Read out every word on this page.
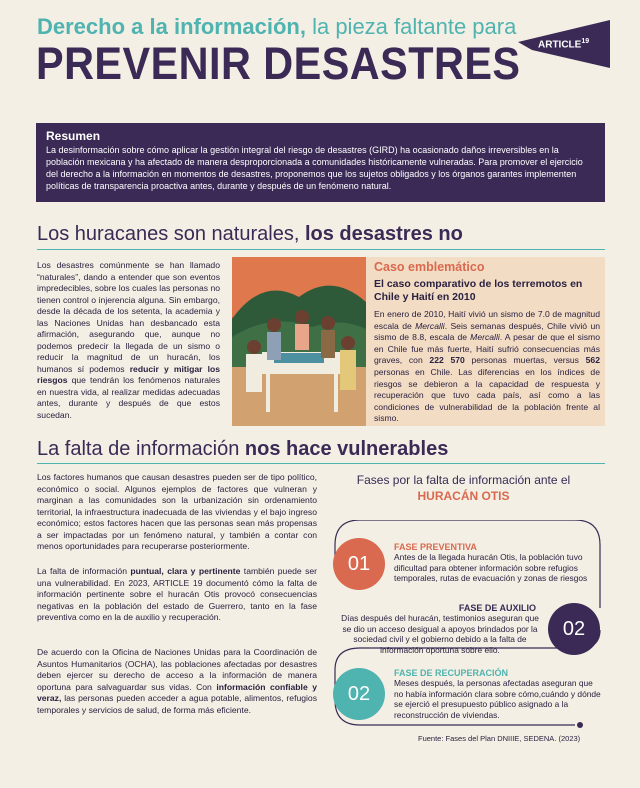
Derecho a la información, la pieza faltante para
PREVENIR DESASTRES ARTICLE$^{19}$
Resumen

La desinformación sobre cómo aplicar la gestión integral del riesgo de desastres (GIRD) ha ocasionado daños irreversibles en la población mexicana y ha afectado de manera desproporcionada a comunidades históricamente vulneradas. Para promover el ejercicio del derecho a la información en momentos de desastres, proponemos que los sujetos obligados y los órganos garantes implementen políticas de transparencia proactiva antes, durante y después de un fenómeno natural.

Los huracanes son naturales, los desastres no
Los desastres comúnmente se han llamado “naturales”, dando a entender que son eventos impredecibles, sobre los cuales las personas no tienen control o injerencia alguna. Sin embargo, desde la década de los setenta, la academia y las Naciones Unidas han desbancado esta afirmación, asegurando que, aunque no podemos predecir la llegada de un sismo o reducir la magnitud de un huracán, los humanos sí podemos reducir y mitigar los riesgos que tendrán los fenómenos naturales en nuestra vida, al realizar medidas adecuadas antes, durante y después de que estos sucedan.
Caso emblemático
El caso comparativo de los terremotos en Chile y Haití en 2010
En enero de 2010, Haití vivió un sismo de 7.0 de magnitud escala de Mercalli. Seis semanas después, Chile vivió un sismo de 8.8, escala de Mercalli. A pesar de que el sismo en Chile fue más fuerte, Haití sufrió consecuencias más graves, con 222 570 personas muertas, versus 562 personas en Chile. Las diferencias en los índices de riesgos se debieron a la capacidad de respuesta y recuperación que tuvo cada país, así como a las condiciones de vulnerabilidad de la población frente al sismo.
La falta de información nos hace vulnerables
Los factores humanos que causan desastres pueden ser de tipo político, económico o social. Algunos ejemplos de factores que vulneran y marginan a las comunidades son la urbanización sin ordenamiento territorial, la infraestructura inadecuada de las viviendas y el bajo ingreso económico; estos factores hacen que las personas sean más propensas a ser impactadas por un fenómeno natural, y también a contar con menos oportunidades para recuperarse posteriormente.
La falta de información puntual, clara y pertinente también puede ser una vulnerabilidad. En 2023, ARTICLE 19 documentó cómo la falta de información pertinente sobre el huracán Otis provocó consecuencias negativas en la población del estado de Guerrero, tanto en la fase preventiva como en la de auxilio y recuperación.
De acuerdo con la Oficina de Naciones Unidas para la Coordinación de Asuntos Humanitarios (OCHA), las poblaciones afectadas por desastres deben ejercer su derecho de acceso a la información de manera oportuna para salvaguardar sus vidas. Con información confiable y veraz, las personas pueden acceder a agua potable, alimentos, refugios temporales y servicios de salud, de forma más eficiente.
Fases por la falta de información ante el
HURACÁN OTIS
01
FASE PREVENTIVA
Antes de la llegada huracán Otis, la población tuvo dificultad para obtener información sobre refugios temporales, rutas de evacuación y zonas de riesgos
02
FASE DE AUXILIO
Días después del huracán, testimonios aseguran que se dio un acceso desigual a apoyos brindados por la sociedad civil y el gobierno debido a la falta de información oportuna sobre ello.
02
FASE DE RECUPERACIÓN
Meses después, la personas afectadas aseguran que no había información clara sobre cómo,cuándo y dónde se ejerció el presupuesto público asignado a la reconstrucción de viviendas.
Fuente: Fases del Plan DNIIIE, SEDENA. (2023)
